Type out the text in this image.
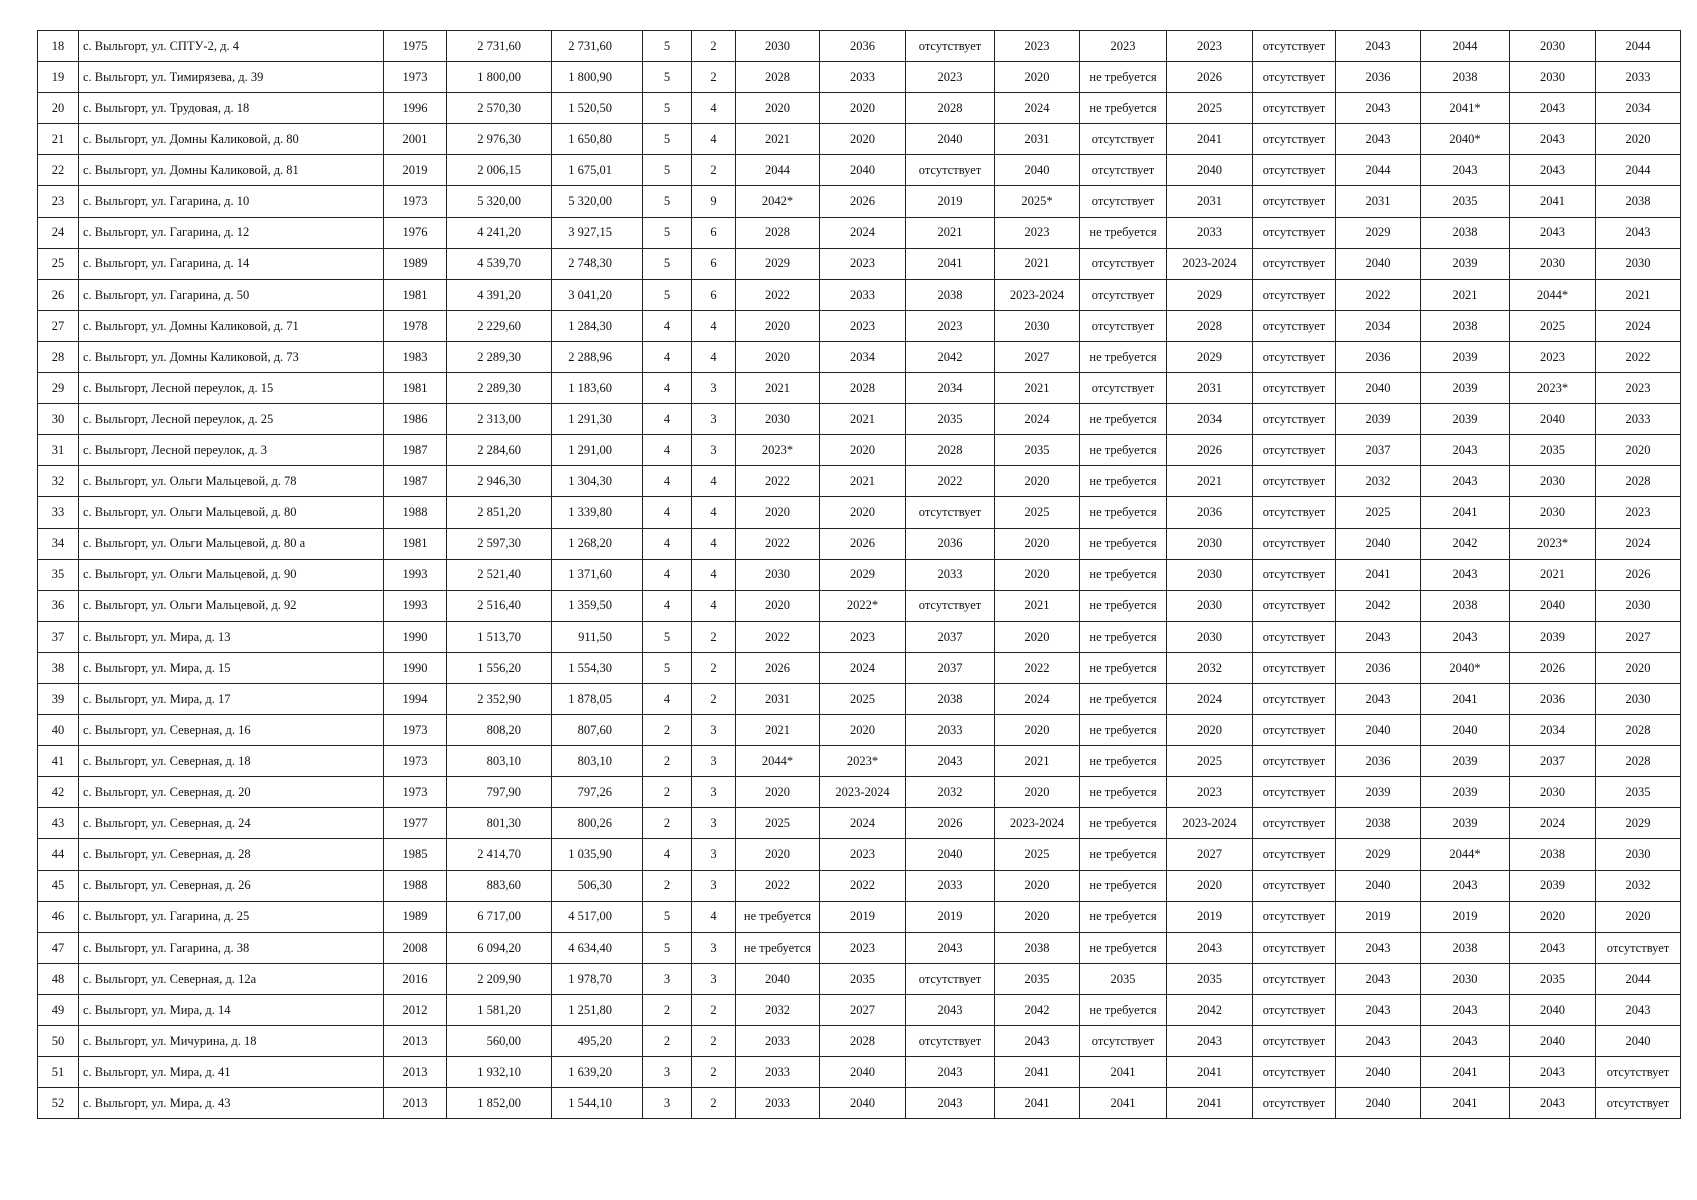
18	с. Выльгорт, ул. СПТУ-2, д. 4	1975	2 731,60	2 731,60	5	2	2030	2036	отсутствует	2023	2023	2023	отсутствует	2043	2044	2030	2044
19	с. Выльгорт, ул. Тимирязева, д. 39	1973	1 800,00	1 800,90	5	2	2028	2033	2023	2020	не требуется	2026	отсутствует	2036	2038	2030	2033
20	с. Выльгорт, ул. Трудовая, д. 18	1996	2 570,30	1 520,50	5	4	2020	2020	2028	2024	не требуется	2025	отсутствует	2043	2041*	2043	2034
21	с. Выльгорт, ул. Домны Каликовой, д. 80	2001	2 976,30	1 650,80	5	4	2021	2020	2040	2031	отсутствует	2041	отсутствует	2043	2040*	2043	2020
22	с. Выльгорт, ул. Домны Каликовой, д. 81	2019	2 006,15	1 675,01	5	2	2044	2040	отсутствует	2040	отсутствует	2040	отсутствует	2044	2043	2043	2044
23	с. Выльгорт, ул. Гагарина, д. 10	1973	5 320,00	5 320,00	5	9	2042*	2026	2019	2025*	отсутствует	2031	отсутствует	2031	2035	2041	2038
24	с. Выльгорт, ул. Гагарина, д. 12	1976	4 241,20	3 927,15	5	6	2028	2024	2021	2023	не требуется	2033	отсутствует	2029	2038	2043	2043
25	с. Выльгорт, ул. Гагарина, д. 14	1989	4 539,70	2 748,30	5	6	2029	2023	2041	2021	отсутствует	2023-2024	отсутствует	2040	2039	2030	2030
26	с. Выльгорт, ул. Гагарина, д. 50	1981	4 391,20	3 041,20	5	6	2022	2033	2038	2023-2024	отсутствует	2029	отсутствует	2022	2021	2044*	2021
27	с. Выльгорт, ул. Домны Каликовой, д. 71	1978	2 229,60	1 284,30	4	4	2020	2023	2023	2030	отсутствует	2028	отсутствует	2034	2038	2025	2024
28	с. Выльгорт, ул. Домны Каликовой, д. 73	1983	2 289,30	2 288,96	4	4	2020	2034	2042	2027	не требуется	2029	отсутствует	2036	2039	2023	2022
29	с. Выльгорт, Лесной переулок, д. 15	1981	2 289,30	1 183,60	4	3	2021	2028	2034	2021	отсутствует	2031	отсутствует	2040	2039	2023*	2023
30	с. Выльгорт, Лесной переулок, д. 25	1986	2 313,00	1 291,30	4	3	2030	2021	2035	2024	не требуется	2034	отсутствует	2039	2039	2040	2033
31	с. Выльгорт, Лесной переулок, д. 3	1987	2 284,60	1 291,00	4	3	2023*	2020	2028	2035	не требуется	2026	отсутствует	2037	2043	2035	2020
32	с. Выльгорт, ул. Ольги Мальцевой, д. 78	1987	2 946,30	1 304,30	4	4	2022	2021	2022	2020	не требуется	2021	отсутствует	2032	2043	2030	2028
33	с. Выльгорт, ул. Ольги Мальцевой, д. 80	1988	2 851,20	1 339,80	4	4	2020	2020	отсутствует	2025	не требуется	2036	отсутствует	2025	2041	2030	2023
34	с. Выльгорт, ул. Ольги Мальцевой, д. 80 а	1981	2 597,30	1 268,20	4	4	2022	2026	2036	2020	не требуется	2030	отсутствует	2040	2042	2023*	2024
35	с. Выльгорт, ул. Ольги Мальцевой, д. 90	1993	2 521,40	1 371,60	4	4	2030	2029	2033	2020	не требуется	2030	отсутствует	2041	2043	2021	2026
36	с. Выльгорт, ул. Ольги Мальцевой, д. 92	1993	2 516,40	1 359,50	4	4	2020	2022*	отсутствует	2021	не требуется	2030	отсутствует	2042	2038	2040	2030
37	с. Выльгорт, ул. Мира, д. 13	1990	1 513,70	911,50	5	2	2022	2023	2037	2020	не требуется	2030	отсутствует	2043	2043	2039	2027
38	с. Выльгорт, ул. Мира, д. 15	1990	1 556,20	1 554,30	5	2	2026	2024	2037	2022	не требуется	2032	отсутствует	2036	2040*	2026	2020
39	с. Выльгорт, ул. Мира, д. 17	1994	2 352,90	1 878,05	4	2	2031	2025	2038	2024	не требуется	2024	отсутствует	2043	2041	2036	2030
40	с. Выльгорт, ул. Северная, д. 16	1973	808,20	807,60	2	3	2021	2020	2033	2020	не требуется	2020	отсутствует	2040	2040	2034	2028
41	с. Выльгорт, ул. Северная, д. 18	1973	803,10	803,10	2	3	2044*	2023*	2043	2021	не требуется	2025	отсутствует	2036	2039	2037	2028
42	с. Выльгорт, ул. Северная, д. 20	1973	797,90	797,26	2	3	2020	2023-2024	2032	2020	не требуется	2023	отсутствует	2039	2039	2030	2035
43	с. Выльгорт, ул. Северная, д. 24	1977	801,30	800,26	2	3	2025	2024	2026	2023-2024	не требуется	2023-2024	отсутствует	2038	2039	2024	2029
44	с. Выльгорт, ул. Северная, д. 28	1985	2 414,70	1 035,90	4	3	2020	2023	2040	2025	не требуется	2027	отсутствует	2029	2044*	2038	2030
45	с. Выльгорт, ул. Северная, д. 26	1988	883,60	506,30	2	3	2022	2022	2033	2020	не требуется	2020	отсутствует	2040	2043	2039	2032
46	с. Выльгорт, ул. Гагарина, д. 25	1989	6 717,00	4 517,00	5	4	не требуется	2019	2019	2020	не требуется	2019	отсутствует	2019	2019	2020	2020
47	с. Выльгорт, ул. Гагарина, д. 38	2008	6 094,20	4 634,40	5	3	не требуется	2023	2043	2038	не требуется	2043	отсутствует	2043	2038	2043	отсутствует
48	с. Выльгорт, ул. Северная, д. 12а	2016	2 209,90	1 978,70	3	3	2040	2035	отсутствует	2035	2035	2035	отсутствует	2043	2030	2035	2044
49	с. Выльгорт, ул. Мира, д. 14	2012	1 581,20	1 251,80	2	2	2032	2027	2043	2042	не требуется	2042	отсутствует	2043	2043	2040	2043
50	с. Выльгорт, ул. Мичурина, д. 18	2013	560,00	495,20	2	2	2033	2028	отсутствует	2043	отсутствует	2043	отсутствует	2043	2043	2040	2040
51	с. Выльгорт, ул. Мира, д. 41	2013	1 932,10	1 639,20	3	2	2033	2040	2043	2041	2041	2041	отсутствует	2040	2041	2043	отсутствует
52	с. Выльгорт, ул. Мира, д. 43	2013	1 852,00	1 544,10	3	2	2033	2040	2043	2041	2041	2041	отсутствует	2040	2041	2043	отсутствует
